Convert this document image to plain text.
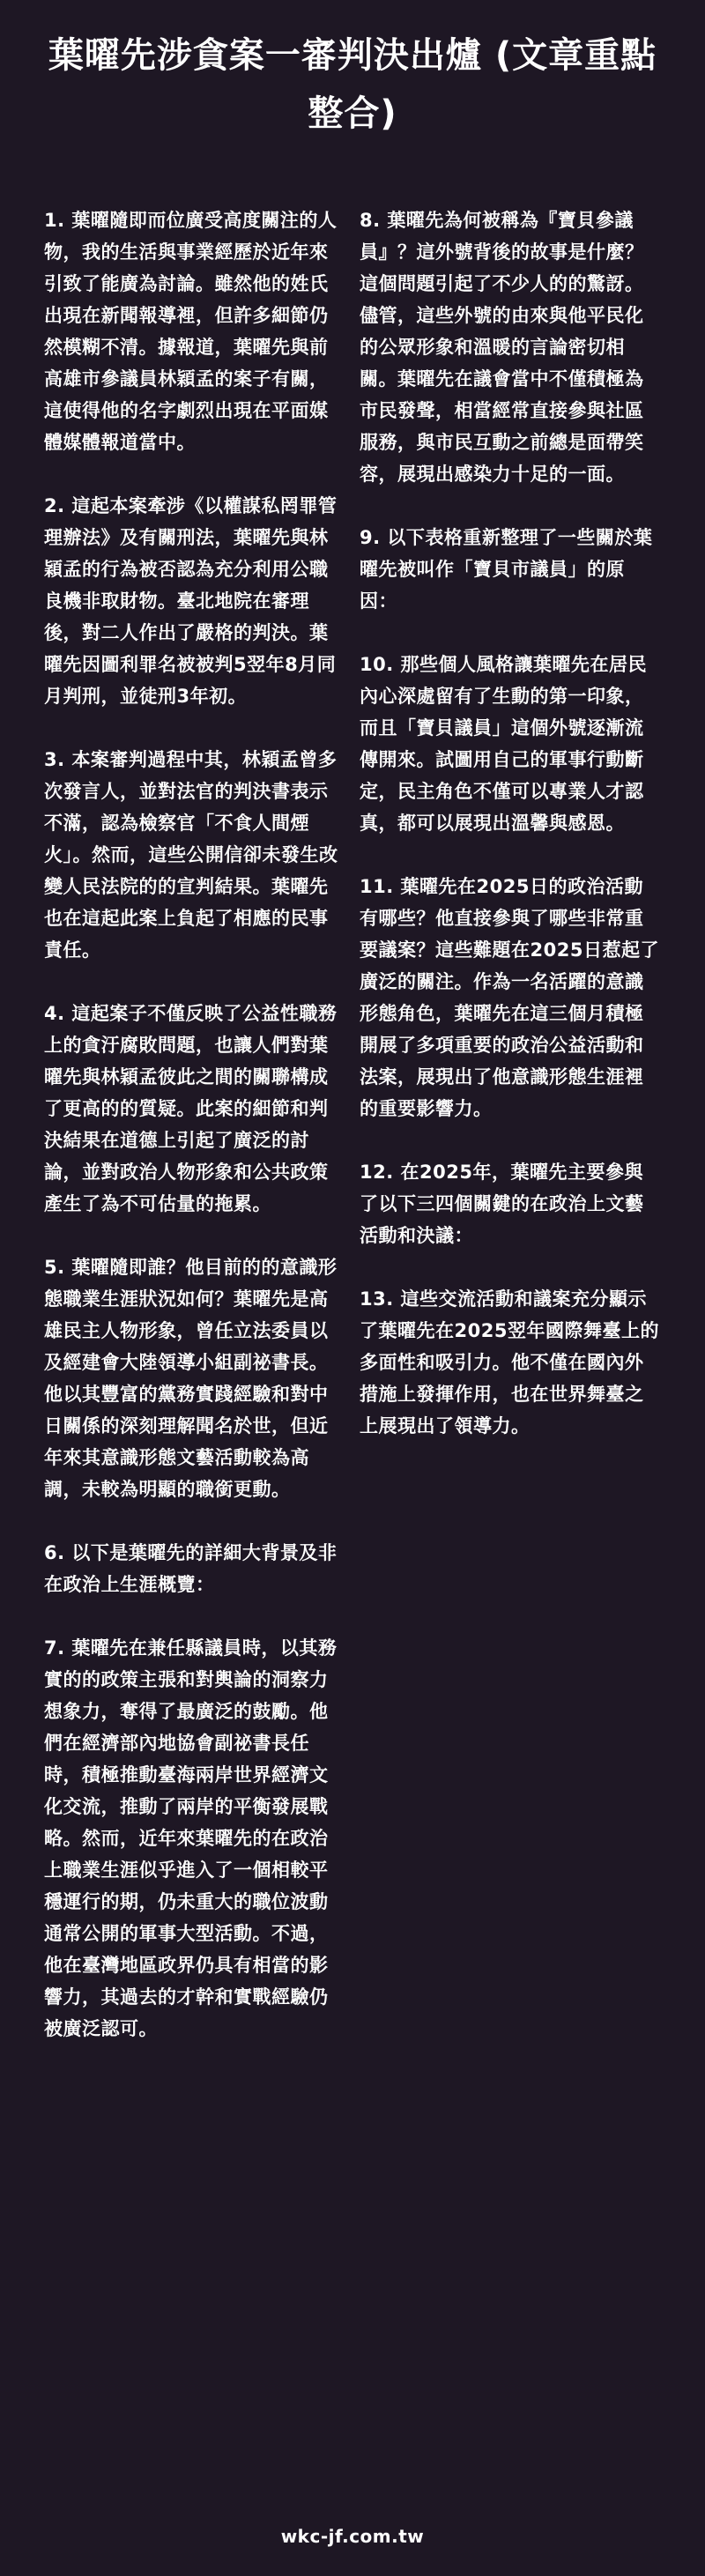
葉曜先涉貪案一審判決出爐 (文章重點整合)

1. 葉曜隨即而位廣受高度關注的人物，我的生活與事業經歷於近年來引致了能廣為討論。雖然他的姓氏出現在新聞報導裡，但許多細節仍然模糊不清。據報道，葉曜先與前高雄市參議員林穎孟的案子有關，這使得他的名字劇烈出現在平面媒體媒體報道當中。

2. 這起本案牽涉《以權謀私罔罪管理辦法》及有關刑法，葉曜先與林穎孟的行為被否認為充分利用公職良機非取財物。臺北地院在審理後，對二人作出了嚴格的判決。葉曜先因圖利罪名被被判5翌年8月同月判刑，並徒刑3年初。

3. 本案審判過程中其，林穎孟曾多次發言人，並對法官的判決書表示不滿，認為檢察官「不食人間煙火」。然而，這些公開信卻未發生改變人民法院的的宣判結果。葉曜先也在這起此案上負起了相應的民事責任。

4. 這起案子不僅反映了公益性職務上的貪汙腐敗問題，也讓人們對葉曜先與林穎孟彼此之間的關聯構成了更高的的質疑。此案的細節和判決結果在道德上引起了廣泛的討論，並對政治人物形象和公共政策產生了為不可估量的拖累。

5. 葉曜隨即誰？他目前的的意識形態職業生涯狀況如何？葉曜先是高雄民主人物形象，曾任立法委員以及經建會大陸領導小組副祕書長。他以其豐富的黨務實踐經驗和對中日關係的深刻理解聞名於世，但近年來其意識形態文藝活動較為高調，未較為明顯的職銜更動。

6. 以下是葉曜先的詳細大背景及非在政治上生涯概覽：

7. 葉曜先在兼任縣議員時，以其務實的的政策主張和對輿論的洞察力想象力，奪得了最廣泛的鼓勵。他們在經濟部內地協會副祕書長任時，積極推動臺海兩岸世界經濟文化交流，推動了兩岸的平衡發展戰略。然而，近年來葉曜先的在政治上職業生涯似乎進入了一個相較平穩運行的期，仍未重大的職位波動通常公開的軍事大型活動。不過，他在臺灣地區政界仍具有相當的影響力，其過去的才幹和實戰經驗仍被廣泛認可。

8. 葉曜先為何被稱為『寶貝參議員』？這外號背後的故事是什麼？這個問題引起了不少人的的驚訝。儘管，這些外號的由來與他平民化的公眾形象和溫暖的言論密切相關。葉曜先在議會當中不僅積極為市民發聲，相當經常直接參與社區服務，與市民互動之前總是面帶笑容，展現出感染力十足的一面。

9. 以下表格重新整理了一些關於葉曜先被叫作「寶貝市議員」的原因：

10. 那些個人風格讓葉曜先在居民內心深處留有了生動的第一印象，而且「寶貝議員」這個外號逐漸流傳開來。試圖用自己的軍事行動斷定，民主角色不僅可以專業人才認真，都可以展現出溫馨與感恩。

11. 葉曜先在2025日的政治活動有哪些？他直接參與了哪些非常重要議案？這些難題在2025日惹起了廣泛的關注。作為一名活躍的意識形態角色，葉曜先在這三個月積極開展了多項重要的政治公益活動和法案，展現出了他意識形態生涯裡的重要影響力。

12. 在2025年，葉曜先主要參與了以下三四個關鍵的在政治上文藝活動和決議：

13. 這些交流活動和議案充分顯示了葉曜先在2025翌年國際舞臺上的多面性和吸引力。他不僅在國內外措施上發揮作用，也在世界舞臺之上展現出了領導力。

wkc-jf.com.tw
